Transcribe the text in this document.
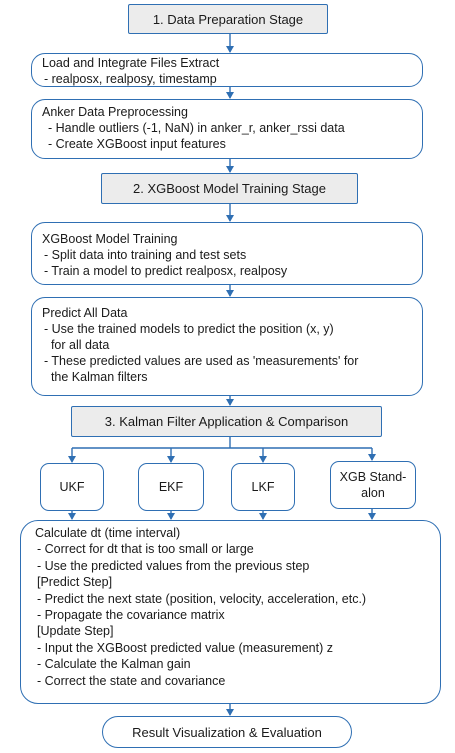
1. Data Preparation Stage
Load and Integrate Files Extract
- realposx, realposy, timestamp
Anker Data Preprocessing
- Handle outliers (-1, NaN) in anker_r, anker_rssi data
- Create XGBoost input features
2. XGBoost Model Training Stage
XGBoost Model Training
- Split data into training and test sets
- Train a model to predict realposx, realposy
Predict All Data
- Use the trained models to predict the position (x, y)
for all data
- These predicted values are used as 'measurements' for
the Kalman filters
3. Kalman Filter Application & Comparison
UKF	EKF	LKF
XGB Stand-
alon
Calculate dt (time interval)
- Correct for dt that is too small or large
- Use the predicted values from the previous step
[Predict Step]
- Predict the next state (position, velocity, acceleration, etc.)
- Propagate the covariance matrix
[Update Step]
- Input the XGBoost predicted value (measurement) z
- Calculate the Kalman gain
- Correct the state and covariance
Result Visualization & Evaluation
